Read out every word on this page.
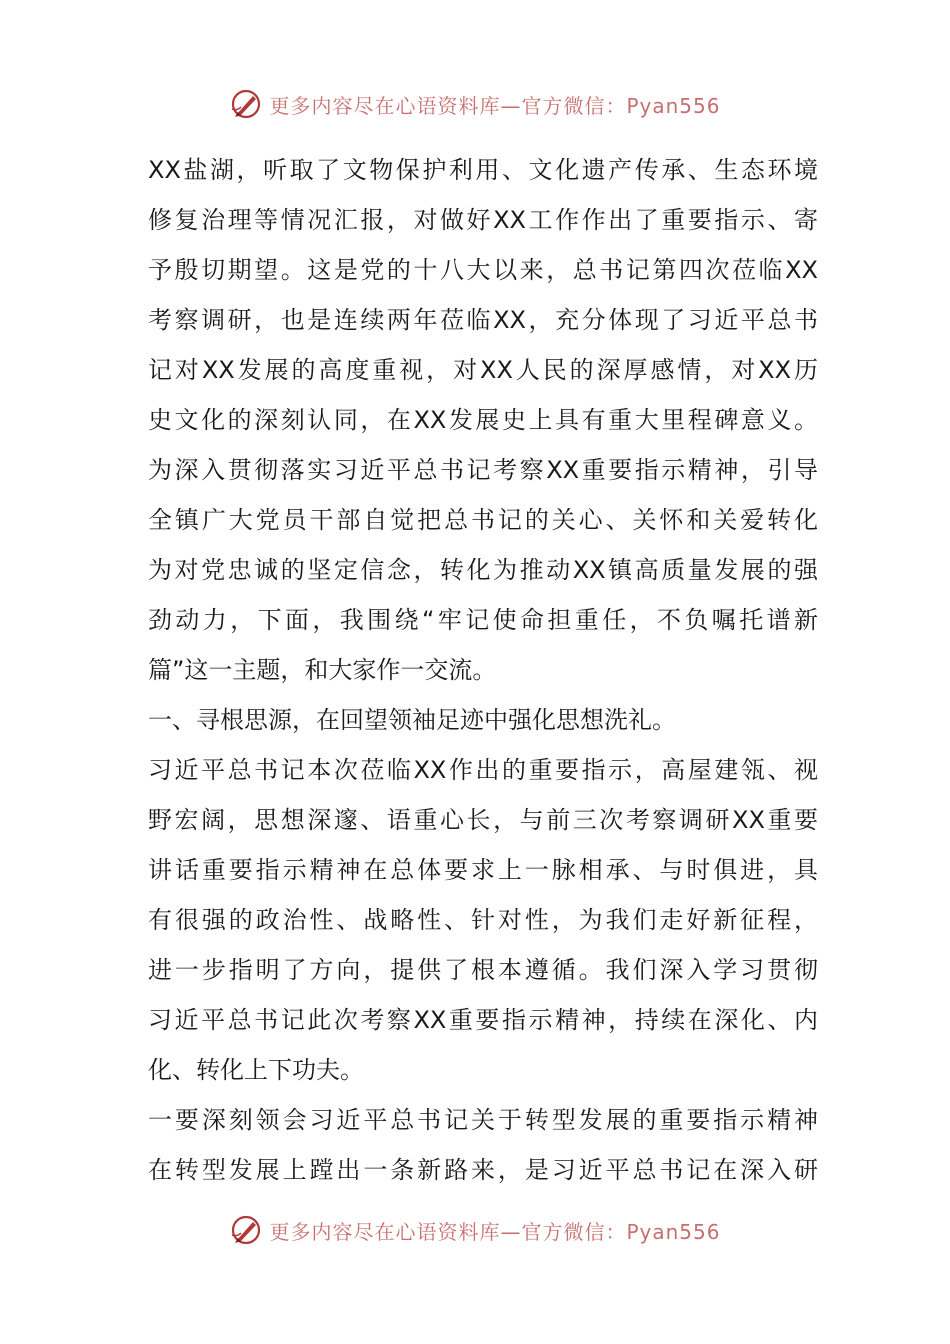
更多内容尽在心语资料库—官方微信：Pyan556
XX盐湖，听取了文物保护利用、文化遗产传承、生态环境
修复治理等情况汇报，对做好XX工作作出了重要指示、寄
予殷切期望。这是党的十八大以来，总书记第四次莅临XX
考察调研，也是连续两年莅临XX，充分体现了习近平总书
记对XX发展的高度重视，对XX人民的深厚感情，对XX历
史文化的深刻认同，在XX发展史上具有重大里程碑意义。
为深入贯彻落实习近平总书记考察XX重要指示精神，引导
全镇广大党员干部自觉把总书记的关心、关怀和关爱转化
为对党忠诚的坚定信念，转化为推动XX镇高质量发展的强
劲动力，下面，我围绕“牢记使命担重任，不负嘱托谱新
篇”这一主题，和大家作一交流。
一、寻根思源，在回望领袖足迹中强化思想洗礼。
习近平总书记本次莅临XX作出的重要指示，高屋建瓴、视
野宏阔，思想深邃、语重心长，与前三次考察调研XX重要
讲话重要指示精神在总体要求上一脉相承、与时俱进，具
有很强的政治性、战略性、针对性，为我们走好新征程，
进一步指明了方向，提供了根本遵循。我们深入学习贯彻
习近平总书记此次考察XX重要指示精神，持续在深化、内
化、转化上下功夫。
一要深刻领会习近平总书记关于转型发展的重要指示精神
在转型发展上蹚出一条新路来，是习近平总书记在深入研
更多内容尽在心语资料库—官方微信：Pyan556
